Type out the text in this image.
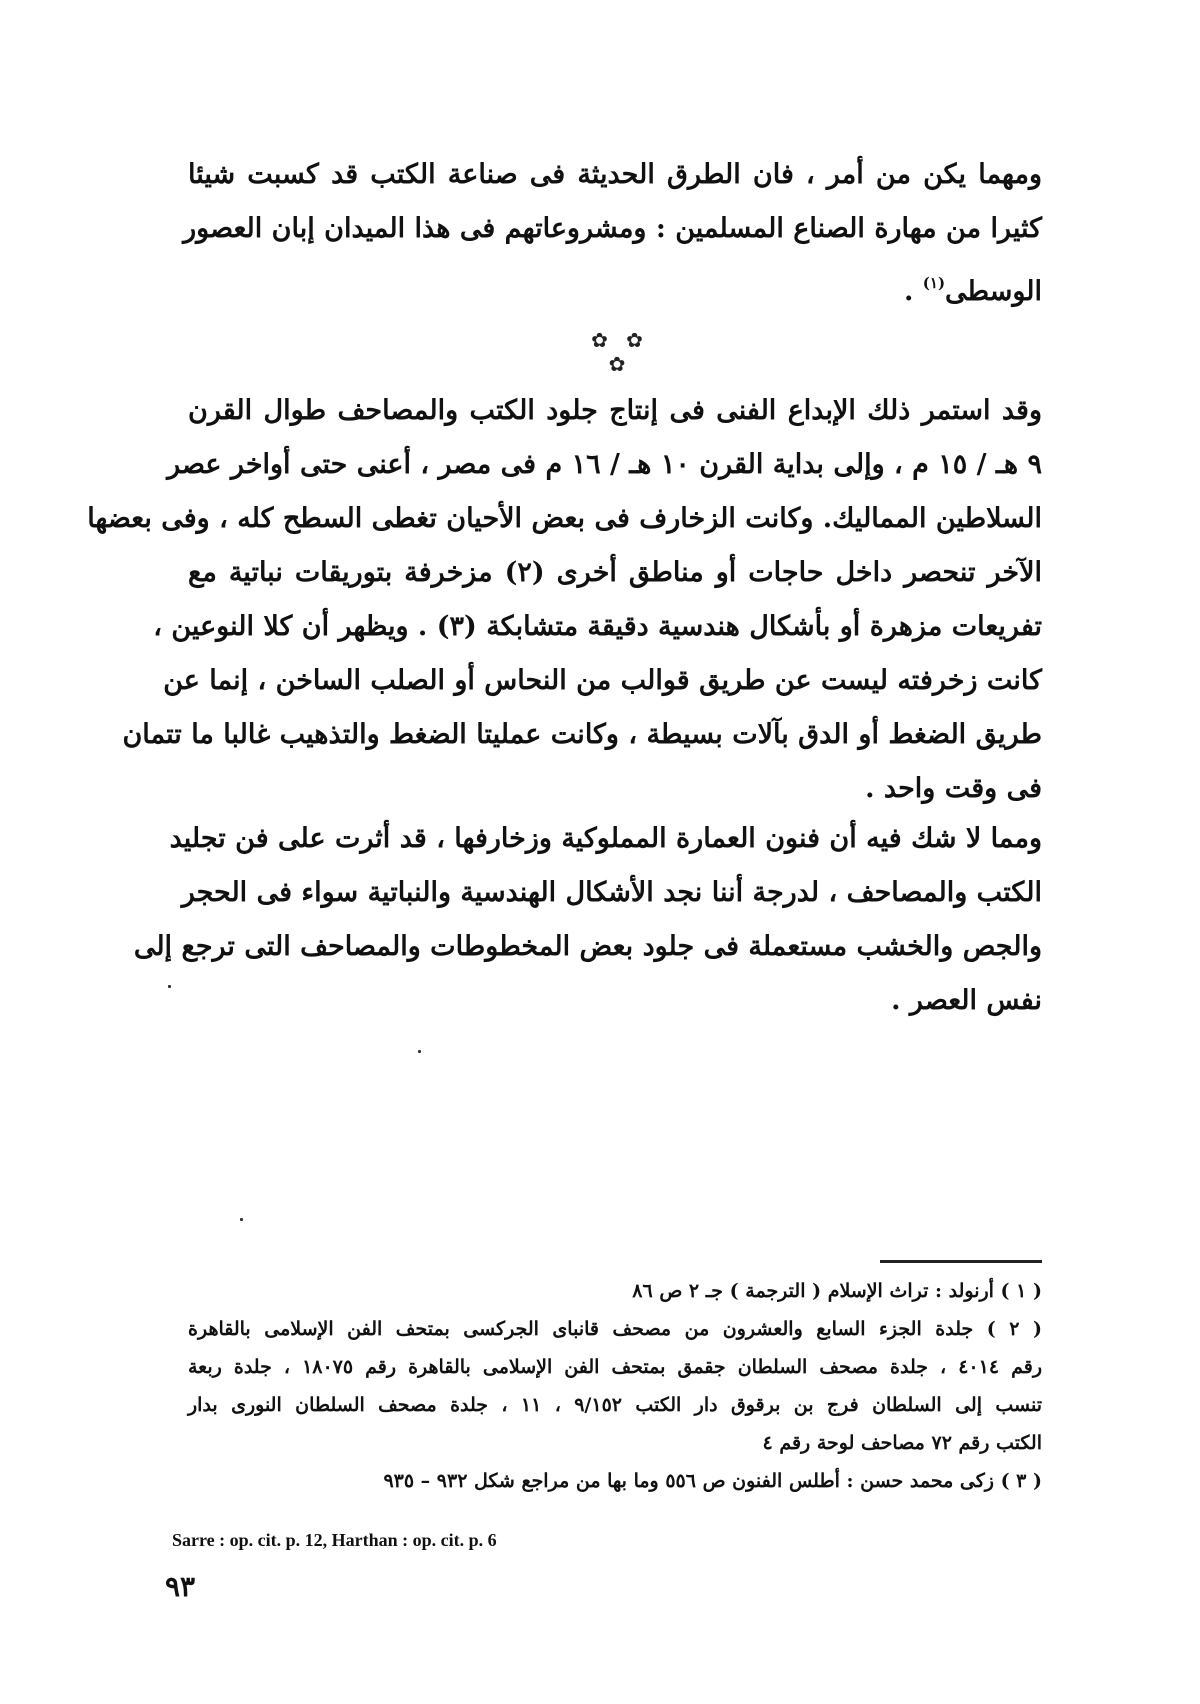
ومهما يكن من أمر ، فان الطرق الحديثة فى صناعة الكتب قد كسبت شيئا
كثيرا من مهارة الصناع المسلمين : ومشروعاتهم فى هذا الميدان إبان العصور
الوسطى$^{(١)}$ .
✿ ✿ ✿
وقد استمر ذلك الإبداع الفنى فى إنتاج جلود الكتب والمصاحف طوال القرن
٩ هـ / ١٥ م ، وإلى بداية القرن ١٠ هـ / ١٦ م فى مصر ، أعنى حتى أواخر عصر
السلاطين المماليك. وكانت الزخارف فى بعض الأحيان تغطى السطح كله ، وفى بعضها
الآخر تنحصر داخل حاجات أو مناطق أخرى (٢) مزخرفة بتوريقات نباتية مع
تفريعات مزهرة أو بأشكال هندسية دقيقة متشابكة (٣) . ويظهر أن كلا النوعين ،
كانت زخرفته ليست عن طريق قوالب من النحاس أو الصلب الساخن ، إنما عن
طريق الضغط أو الدق بآلات بسيطة ، وكانت عمليتا الضغط والتذهيب غالبا ما تتمان
فى وقت واحد .
ومما لا شك فيه أن فنون العمارة المملوكية وزخارفها ، قد أثرت على فن تجليد
الكتب والمصاحف ، لدرجة أننا نجد الأشكال الهندسية والنباتية سواء فى الحجر
والجص والخشب مستعملة فى جلود بعض المخطوطات والمصاحف التى ترجع إلى
نفس العصر .
( ١ ) أرنولد : تراث الإسلام ( الترجمة ) جـ ٢ ص ٨٦
( ٢ ) جلدة الجزء السابع والعشرون من مصحف قانباى الجركسى بمتحف الفن الإسلامى بالقاهرة
رقم ٤٠١٤ ، جلدة مصحف السلطان جقمق بمتحف الفن الإسلامى بالقاهرة رقم ١٨٠٧٥ ، جلدة ربعة
تنسب إلى السلطان فرج بن برقوق دار الكتب ٩/١٥٢ ، ١١ ، جلدة مصحف السلطان النورى بدار
الكتب رقم ٧٢ مصاحف لوحة رقم ٤
( ٣ ) زكى محمد حسن : أطلس الفنون ص ٥٥٦ وما بها من مراجع شكل ٩٣٢ – ٩٣٥
Sarre : op. cit. p. 12, Harthan : op. cit. p. 6
٩٣
